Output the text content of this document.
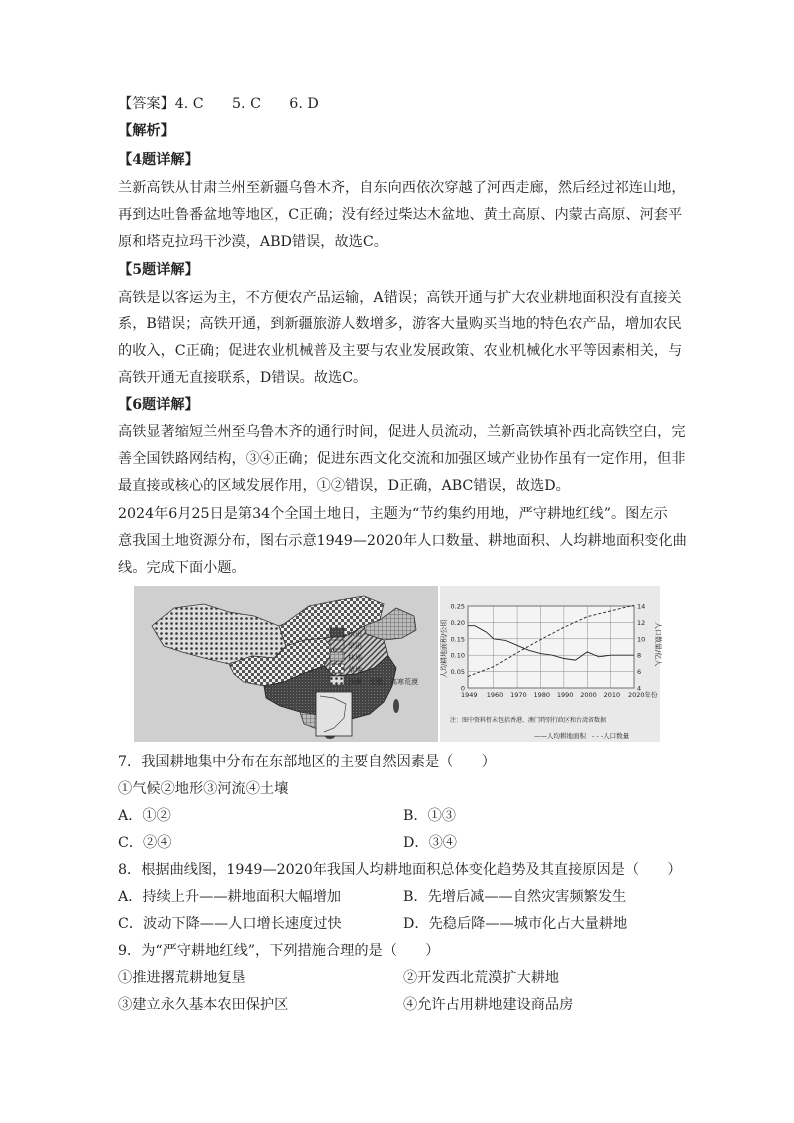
【答案】4. C　　5. C　　6. D
【解析】
【4题详解】
兰新高铁从甘肃兰州至新疆乌鲁木齐，自东向西依次穿越了河西走廊，然后经过祁连山地，
再到达吐鲁番盆地等地区，C正确；没有经过柴达木盆地、黄土高原、内蒙古高原、河套平
原和塔克拉玛干沙漠，ABD错误，故选C。
【5题详解】
高铁是以客运为主，不方便农产品运输，A错误；高铁开通与扩大农业耕地面积没有直接关
系，B错误；高铁开通，到新疆旅游人数增多，游客大量购买当地的特色农产品，增加农民
的收入，C正确；促进农业机械普及主要与农业发展政策、农业机械化水平等因素相关，与
高铁开通无直接联系，D错误。故选C。
【6题详解】
高铁显著缩短兰州至乌鲁木齐的通行时间，促进人员流动，兰新高铁填补西北高铁空白，完
善全国铁路网结构，③④正确；促进东西文化交流和加强区域产业协作虽有一定作用，但非
最直接或核心的区域发展作用，①②错误，D正确，ABC错误，故选D。
2024年6月25日是第34个全国土地日，主题为“节约集约用地，严守耕地红线”。图左示
意我国土地资源分布，图右示意1949—2020年人口数量、耕地面积、人均耕地面积变化曲
线。完成下面小题。
水田
旱田
林地
草地
沙漠、戈壁、高寒荒漠
0
0.05
0.10
0.15
0.20
0.25
4
6
8
10
12
14
1949 1960 1970 1980 1990 2000 2010 2020年份
人均耕地面积/公顷	人口数量/亿人
注：图中资料暂未包括香港、澳门特别行政区和台湾省数据
——人均耕地面积 - - -人口数量
7．我国耕地集中分布在东部地区的主要自然因素是（　　）
①气候②地形③河流④土壤
A．①②	B．①③
C．②④	D．③④
8．根据曲线图，1949—2020年我国人均耕地面积总体变化趋势及其直接原因是（　　）
A．持续上升——耕地面积大幅增加	B．先增后减——自然灾害频繁发生
C．波动下降——人口增长速度过快	D．先稳后降——城市化占大量耕地
9．为“严守耕地红线”，下列措施合理的是（　　）
①推进撂荒耕地复垦	②开发西北荒漠扩大耕地
③建立永久基本农田保护区	④允许占用耕地建设商品房
